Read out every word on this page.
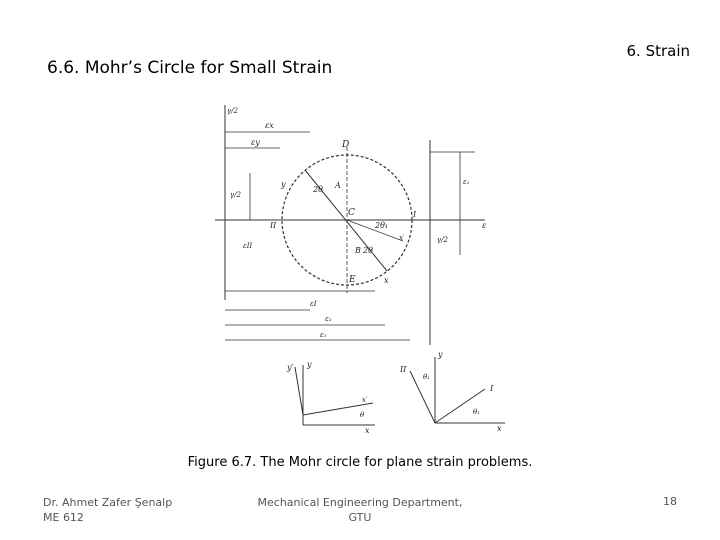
6.6. Mohr’s Circle for Small Strain
6. Strain
εx
εy
γ/2
ε
D
E
C
y
x
A
B
2θ
2θ
2θ₁
I
II
x′
ε₁
γ/2
γ/2
εII
εI
ε₂
ε₁
y′ y
x′
x
θ
y
I
II
x
θ₁
θ₁
Figure 6.7. The Mohr circle for plane strain problems.
Dr. Ahmet Zafer Şenalp
ME 612
Mechanical Engineering Department,
GTU
18
